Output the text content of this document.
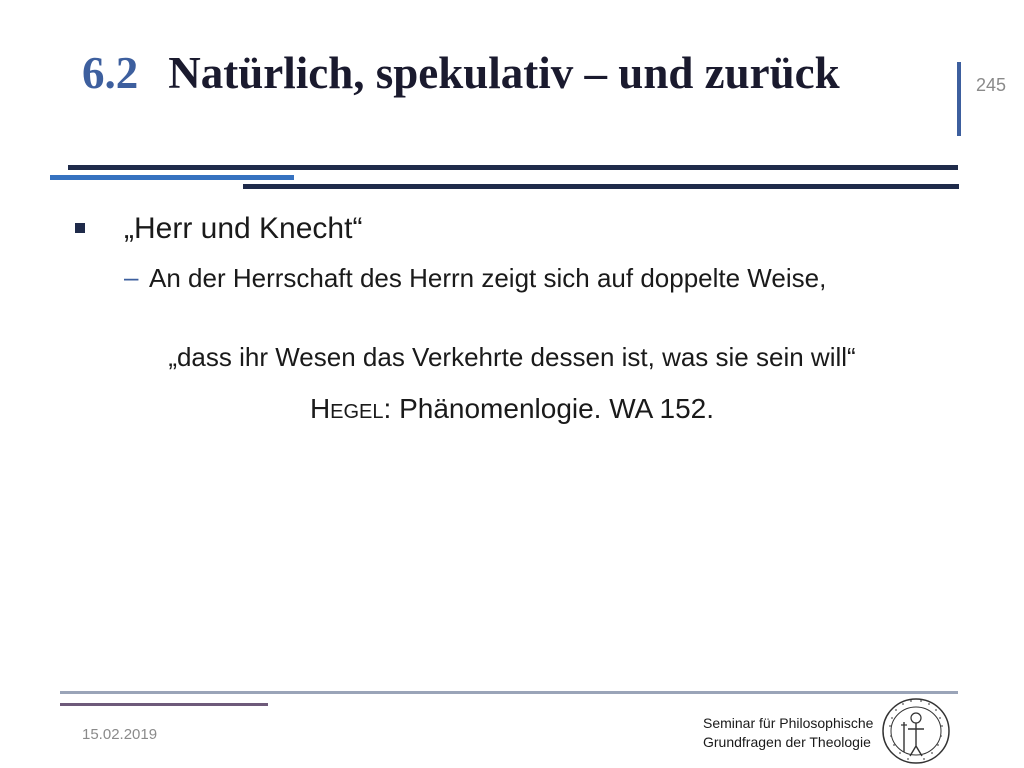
6.2 Natürlich, spekulativ – und zurück	245
„Herr und Knecht“
– An der Herrschaft des Herrn zeigt sich auf doppelte Weise,
„dass ihr Wesen das Verkehrte dessen ist, was sie sein will“
Hegel: Phänomenlogie. WA 152.
15.02.2019
Seminar für Philosophische
Grundfragen der Theologie
